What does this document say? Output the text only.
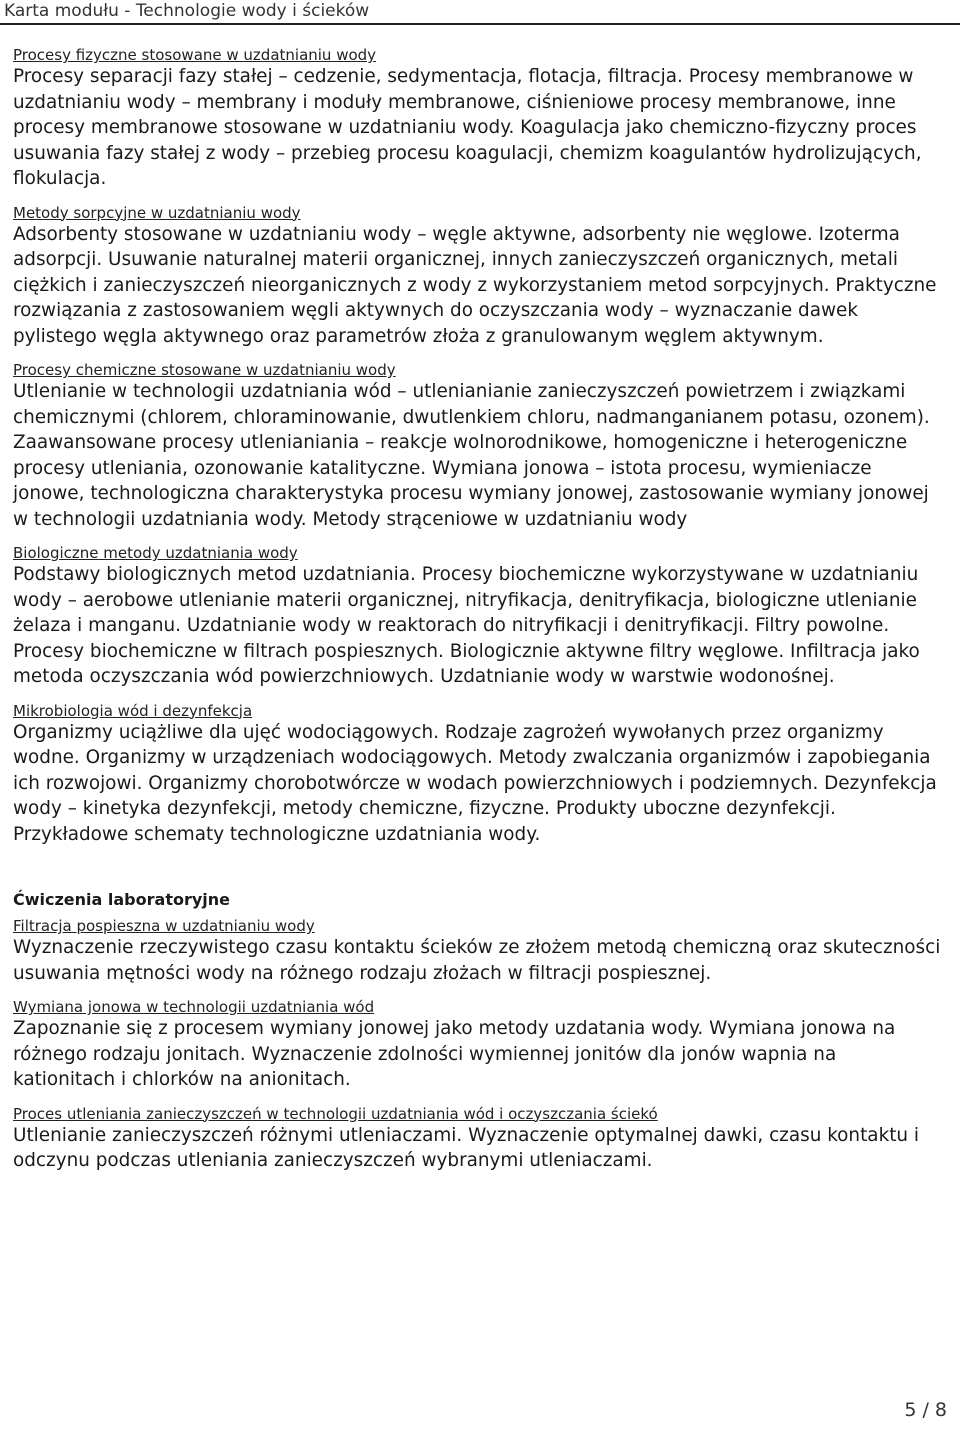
Karta modułu - Technologie wody i ścieków
Procesy fizyczne stosowane w uzdatnianiu wody
Procesy separacji fazy stałej – cedzenie, sedymentacja, flotacja, filtracja. Procesy membranowe w uzdatnianiu wody – membrany i moduły membranowe, ciśnieniowe procesy membranowe, inne procesy membranowe stosowane w uzdatnianiu wody. Koagulacja jako chemiczno-fizyczny proces usuwania fazy stałej z wody – przebieg procesu koagulacji, chemizm koagulantów hydrolizujących, flokulacja.
Metody sorpcyjne w uzdatnianiu wody
Adsorbenty stosowane w uzdatnianiu wody – węgle aktywne, adsorbenty nie węglowe. Izoterma adsorpcji. Usuwanie naturalnej materii organicznej, innych zanieczyszczeń organicznych, metali ciężkich i zanieczyszczeń nieorganicznych z wody z wykorzystaniem metod sorpcyjnych. Praktyczne rozwiązania z zastosowaniem węgli aktywnych do oczyszczania wody – wyznaczanie dawek pylistego węgla aktywnego oraz parametrów złoża z granulowanym węglem aktywnym.
Procesy chemiczne stosowane w uzdatnianiu wody
Utlenianie w technologii uzdatniania wód – utlenianianie zanieczyszczeń powietrzem i związkami chemicznymi (chlorem, chloraminowanie, dwutlenkiem chloru, nadmanganianem potasu, ozonem). Zaawansowane procesy utlenianiania – reakcje wolnorodnikowe, homogeniczne i heterogeniczne procesy utleniania, ozonowanie katalityczne. Wymiana jonowa – istota procesu, wymieniacze jonowe, technologiczna charakterystyka procesu wymiany jonowej, zastosowanie wymiany jonowej w technologii uzdatniania wody. Metody strąceniowe w uzdatnianiu wody
Biologiczne metody uzdatniania wody
Podstawy biologicznych metod uzdatniania. Procesy biochemiczne wykorzystywane w uzdatnianiu wody – aerobowe utlenianie materii organicznej, nitryfikacja, denitryfikacja, biologiczne utlenianie żelaza i manganu. Uzdatnianie wody w reaktorach do nitryfikacji i denitryfikacji. Filtry powolne. Procesy biochemiczne w filtrach pospiesznych. Biologicznie aktywne filtry węglowe. Infiltracja jako metoda oczyszczania wód powierzchniowych. Uzdatnianie wody w warstwie wodonośnej.
Mikrobiologia wód i dezynfekcja
Organizmy uciążliwe dla ujęć wodociągowych. Rodzaje zagrożeń wywołanych przez organizmy wodne. Organizmy w urządzeniach wodociągowych. Metody zwalczania organizmów i zapobiegania ich rozwojowi. Organizmy chorobotwórcze w wodach powierzchniowych i podziemnych. Dezynfekcja wody – kinetyka dezynfekcji, metody chemiczne, fizyczne. Produkty uboczne dezynfekcji. Przykładowe schematy technologiczne uzdatniania wody.
Ćwiczenia laboratoryjne
Filtracja pospieszna w uzdatnianiu wody
Wyznaczenie rzeczywistego czasu kontaktu ścieków ze złożem metodą chemiczną oraz skuteczności usuwania mętności wody na różnego rodzaju złożach w filtracji pospiesznej.
Wymiana jonowa w technologii uzdatniania wód
Zapoznanie się z procesem wymiany jonowej jako metody uzdatania wody. Wymiana jonowa na różnego rodzaju jonitach. Wyznaczenie zdolności wymiennej jonitów dla jonów wapnia na kationitach i chlorków na anionitach.
Proces utleniania zanieczyszczeń w technologii uzdatniania wód i oczyszczania ściekó
Utlenianie zanieczyszczeń różnymi utleniaczami. Wyznaczenie optymalnej dawki, czasu kontaktu i odczynu podczas utleniania zanieczyszczeń wybranymi utleniaczami.
5 / 8
